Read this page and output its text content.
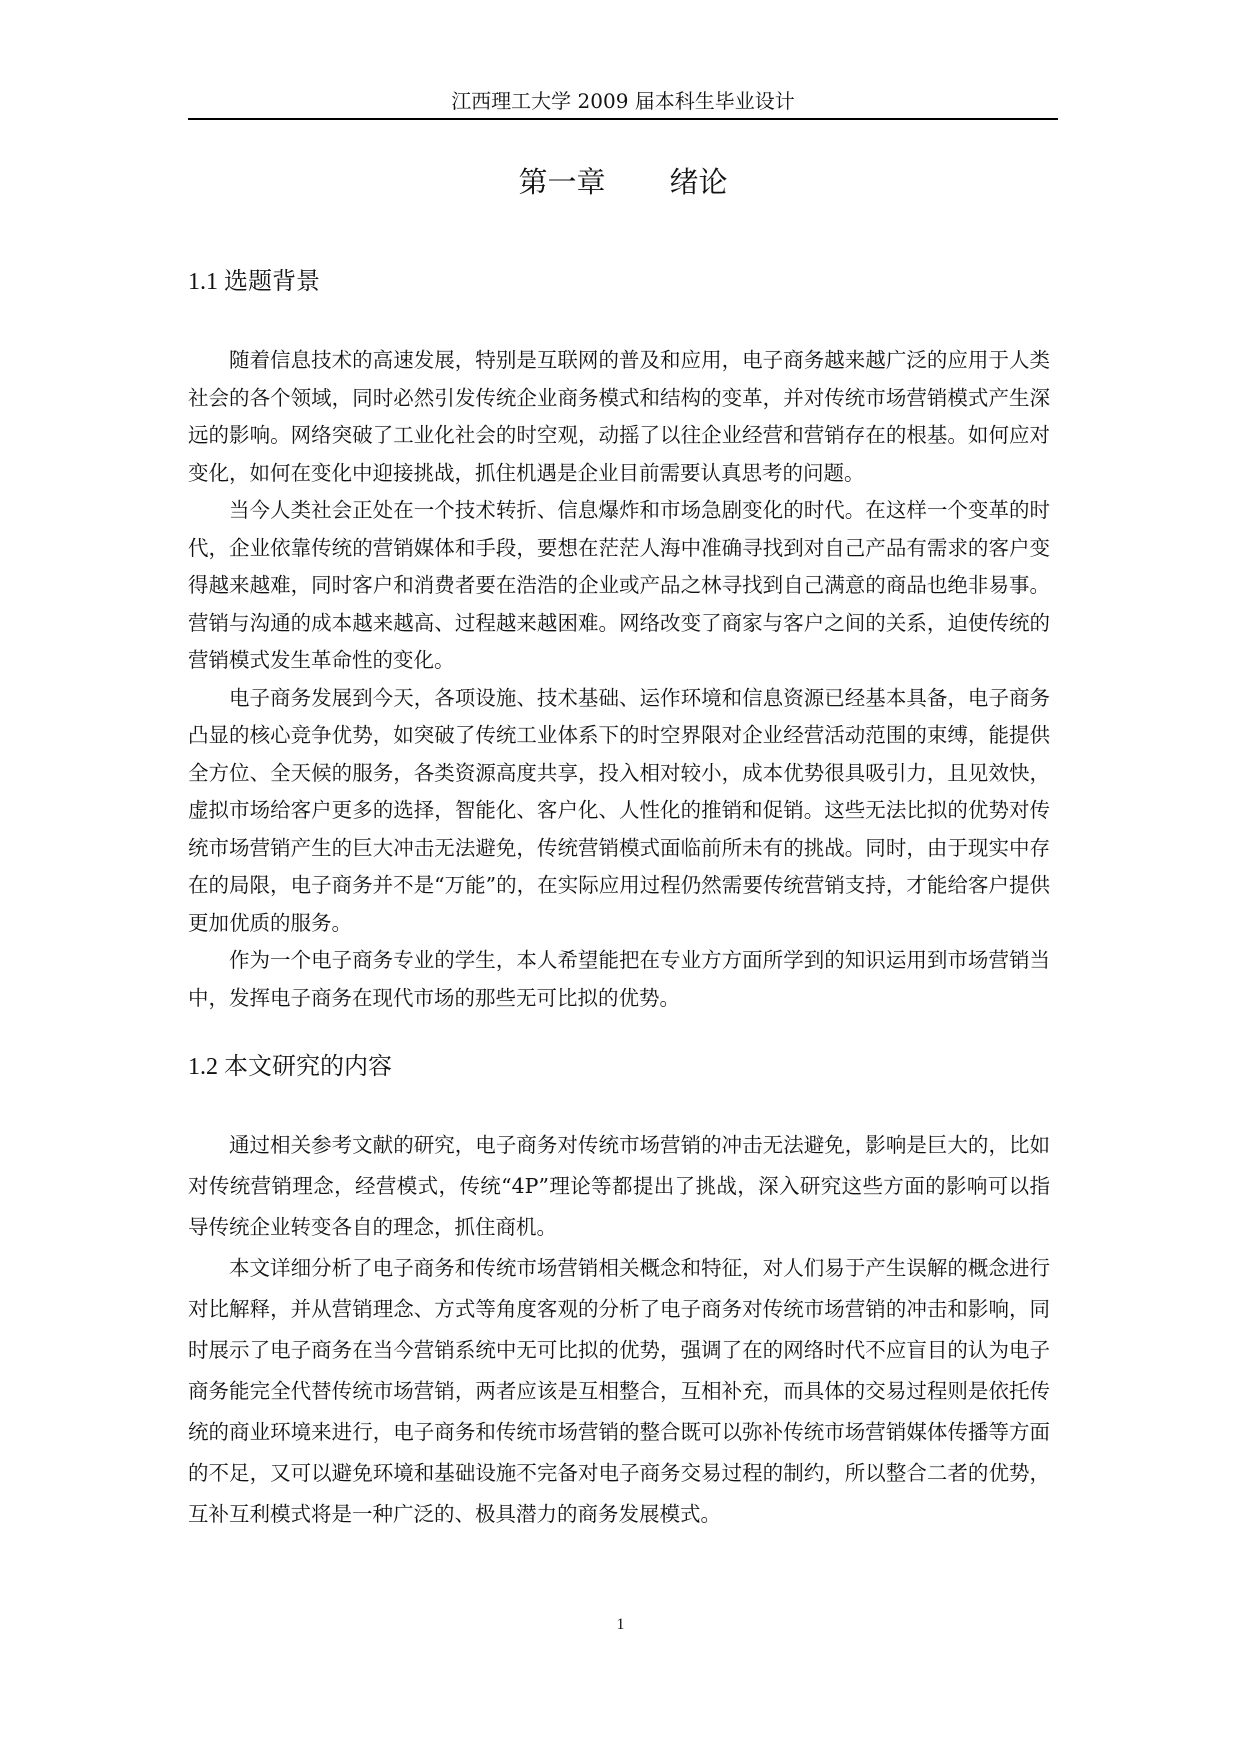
江西理工大学 2009 届本科生毕业设计
第一章 绪论
1.1 选题背景

随着信息技术的高速发展，特别是互联网的普及和应用，电子商务越来越广泛的应用于人类社会的各个领域，同时必然引发传统企业商务模式和结构的变革，并对传统市场营销模式产生深远的影响。网络突破了工业化社会的时空观，动摇了以往企业经营和营销存在的根基。如何应对变化，如何在变化中迎接挑战，抓住机遇是企业目前需要认真思考的问题。

当今人类社会正处在一个技术转折、信息爆炸和市场急剧变化的时代。在这样一个变革的时代，企业依靠传统的营销媒体和手段，要想在茫茫人海中准确寻找到对自己产品有需求的客户变得越来越难，同时客户和消费者要在浩浩的企业或产品之林寻找到自己满意的商品也绝非易事。营销与沟通的成本越来越高、过程越来越困难。网络改变了商家与客户之间的关系，迫使传统的营销模式发生革命性的变化。

电子商务发展到今天，各项设施、技术基础、运作环境和信息资源已经基本具备，电子商务凸显的核心竞争优势，如突破了传统工业体系下的时空界限对企业经营活动范围的束缚，能提供全方位、全天候的服务，各类资源高度共享，投入相对较小，成本优势很具吸引力，且见效快，虚拟市场给客户更多的选择，智能化、客户化、人性化的推销和促销。这些无法比拟的优势对传统市场营销产生的巨大冲击无法避免，传统营销模式面临前所未有的挑战。同时，由于现实中存在的局限，电子商务并不是“万能”的，在实际应用过程仍然需要传统营销支持，才能给客户提供更加优质的服务。

作为一个电子商务专业的学生，本人希望能把在专业方方面所学到的知识运用到市场营销当中，发挥电子商务在现代市场的那些无可比拟的优势。

1.2 本文研究的内容

通过相关参考文献的研究，电子商务对传统市场营销的冲击无法避免，影响是巨大的，比如对传统营销理念，经营模式，传统“4P”理论等都提出了挑战，深入研究这些方面的影响可以指导传统企业转变各自的理念，抓住商机。

本文详细分析了电子商务和传统市场营销相关概念和特征，对人们易于产生误解的概念进行对比解释，并从营销理念、方式等角度客观的分析了电子商务对传统市场营销的冲击和影响，同时展示了电子商务在当今营销系统中无可比拟的优势，强调了在的网络时代不应盲目的认为电子商务能完全代替传统市场营销，两者应该是互相整合，互相补充，而具体的交易过程则是依托传统的商业环境来进行，电子商务和传统市场营销的整合既可以弥补传统市场营销媒体传播等方面的不足，又可以避免环境和基础设施不完备对电子商务交易过程的制约，所以整合二者的优势，互补互利模式将是一种广泛的、极具潜力的商务发展模式。

1
